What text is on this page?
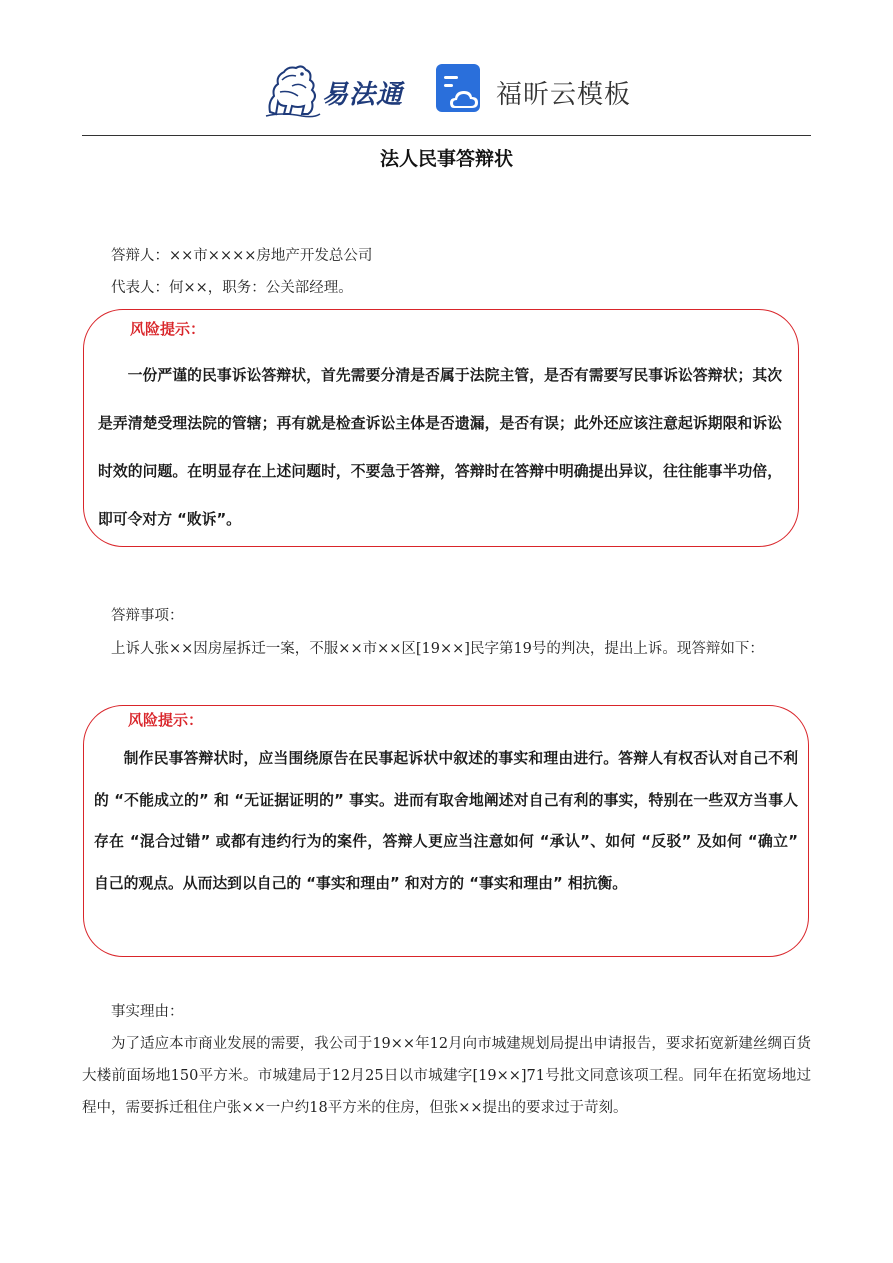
易法通	福昕云模板
法人民事答辩状
答辩人：××市××××房地产开发总公司
代表人：何××，职务：公关部经理。
风险提示：

一份严谨的民事诉讼答辩状，首先需要分清是否属于法院主管，是否有需要写民事诉讼答辩状；其次是弄清楚受理法院的管辖；再有就是检查诉讼主体是否遗漏，是否有误；此外还应该注意起诉期限和诉讼时效的问题。在明显存在上述问题时，不要急于答辩，答辩时在答辩中明确提出异议，往往能事半功倍，即可令对方 “败诉”。

答辩事项：
上诉人张××因房屋拆迁一案，不服××市××区[19××]民字第19号的判决，提出上诉。现答辩如下：
风险提示：

制作民事答辩状时，应当围绕原告在民事起诉状中叙述的事实和理由进行。答辩人有权否认对自己不利的 “不能成立的” 和 “无证据证明的” 事实。进而有取舍地阐述对自己有利的事实，特别在一些双方当事人存在 “混合过错” 或都有违约行为的案件，答辩人更应当注意如何 “承认”、如何 “反驳” 及如何 “确立” 自己的观点。从而达到以自己的 “事实和理由” 和对方的 “事实和理由” 相抗衡。

事实理由：
为了适应本市商业发展的需要，我公司于19××年12月向市城建规划局提出申请报告，要求拓宽新建丝绸百货大楼前面场地150平方米。市城建局于12月25日以市城建字[19××]71号批文同意该项工程。同年在拓宽场地过程中，需要拆迁租住户张××一户约18平方米的住房，但张××提出的要求过于苛刻。
